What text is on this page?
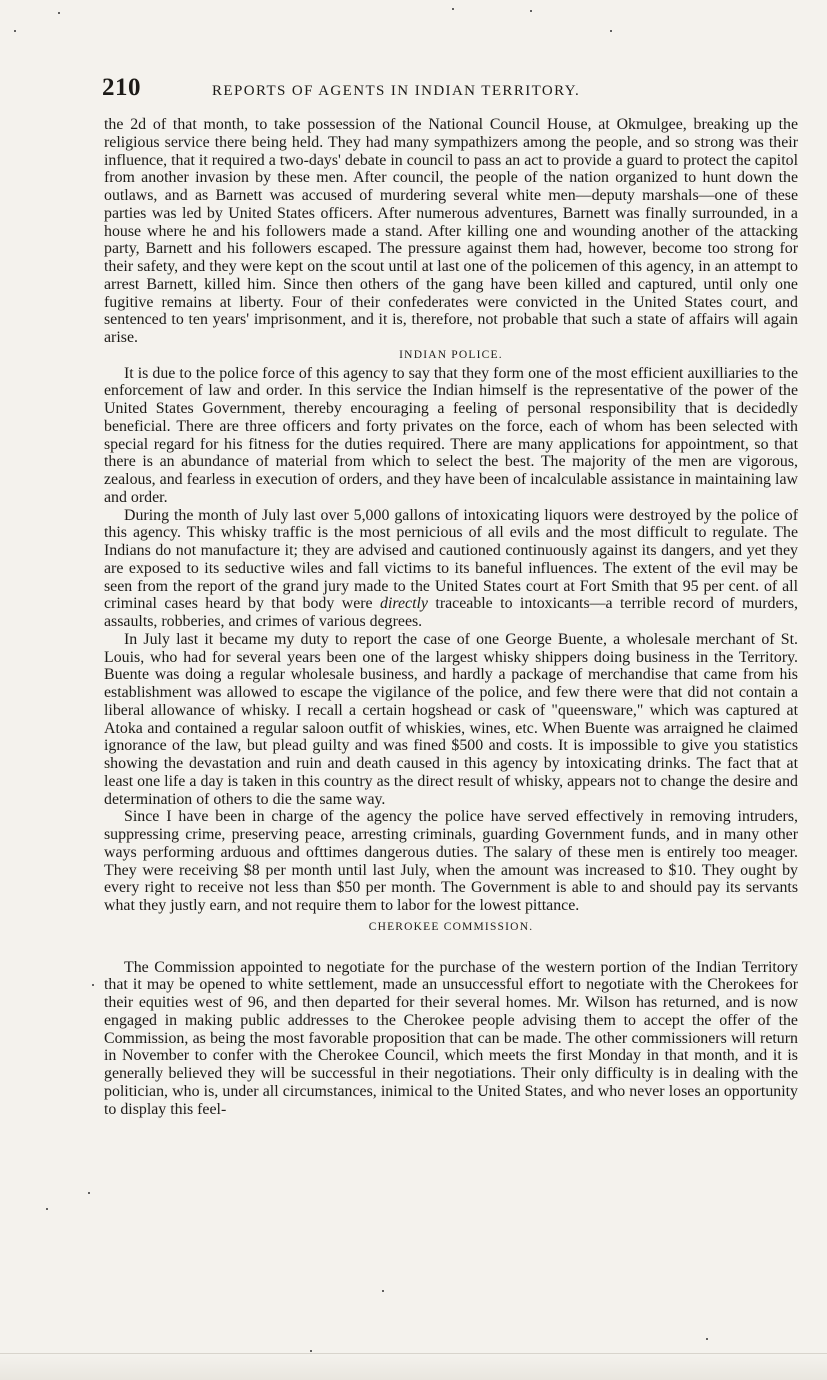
210	REPORTS OF AGENTS IN INDIAN TERRITORY.

the 2d of that month, to take possession of the National Council House, at Okmulgee, breaking up the religious service there being held. They had many sympathizers among the people, and so strong was their influence, that it required a two-days' debate in council to pass an act to provide a guard to protect the capitol from another invasion by these men. After council, the people of the nation organized to hunt down the outlaws, and as Barnett was accused of murdering several white men—deputy marshals—one of these parties was led by United States officers. After numerous adventures, Barnett was finally surrounded, in a house where he and his followers made a stand. After killing one and wounding another of the attacking party, Barnett and his followers escaped. The pressure against them had, however, become too strong for their safety, and they were kept on the scout until at last one of the policemen of this agency, in an attempt to arrest Barnett, killed him. Since then others of the gang have been killed and captured, until only one fugitive remains at liberty. Four of their confederates were convicted in the United States court, and sentenced to ten years' imprisonment, and it is, therefore, not probable that such a state of affairs will again arise.

INDIAN POLICE.

It is due to the police force of this agency to say that they form one of the most efficient auxilliaries to the enforcement of law and order. In this service the Indian himself is the representative of the power of the United States Government, thereby encouraging a feeling of personal responsibility that is decidedly beneficial. There are three officers and forty privates on the force, each of whom has been selected with special regard for his fitness for the duties required. There are many applications for appointment, so that there is an abundance of material from which to select the best. The majority of the men are vigorous, zealous, and fearless in execution of orders, and they have been of incalculable assistance in maintaining law and order.

During the month of July last over 5,000 gallons of intoxicating liquors were destroyed by the police of this agency. This whisky traffic is the most pernicious of all evils and the most difficult to regulate. The Indians do not manufacture it; they are advised and cautioned continuously against its dangers, and yet they are exposed to its seductive wiles and fall victims to its baneful influences. The extent of the evil may be seen from the report of the grand jury made to the United States court at Fort Smith that 95 per cent. of all criminal cases heard by that body were directly traceable to intoxicants—a terrible record of murders, assaults, robberies, and crimes of various degrees.

In July last it became my duty to report the case of one George Buente, a wholesale merchant of St. Louis, who had for several years been one of the largest whisky shippers doing business in the Territory. Buente was doing a regular wholesale business, and hardly a package of merchandise that came from his establishment was allowed to escape the vigilance of the police, and few there were that did not contain a liberal allowance of whisky. I recall a certain hogshead or cask of "queensware," which was captured at Atoka and contained a regular saloon outfit of whiskies, wines, etc. When Buente was arraigned he claimed ignorance of the law, but plead guilty and was fined $500 and costs. It is impossible to give you statistics showing the devastation and ruin and death caused in this agency by intoxicating drinks. The fact that at least one life a day is taken in this country as the direct result of whisky, appears not to change the desire and determination of others to die the same way.

Since I have been in charge of the agency the police have served effectively in removing intruders, suppressing crime, preserving peace, arresting criminals, guarding Government funds, and in many other ways performing arduous and ofttimes dangerous duties. The salary of these men is entirely too meager. They were receiving $8 per month until last July, when the amount was increased to $10. They ought by every right to receive not less than $50 per month. The Government is able to and should pay its servants what they justly earn, and not require them to labor for the lowest pittance.

CHEROKEE COMMISSION.

The Commission appointed to negotiate for the purchase of the western portion of the Indian Territory that it may be opened to white settlement, made an unsuccessful effort to negotiate with the Cherokees for their equities west of 96, and then departed for their several homes. Mr. Wilson has returned, and is now engaged in making public addresses to the Cherokee people advising them to accept the offer of the Commission, as being the most favorable proposition that can be made. The other commissioners will return in November to confer with the Cherokee Council, which meets the first Monday in that month, and it is generally believed they will be successful in their negotiations. Their only difficulty is in dealing with the politician, who is, under all circumstances, inimical to the United States, and who never loses an opportunity to display this feel-
